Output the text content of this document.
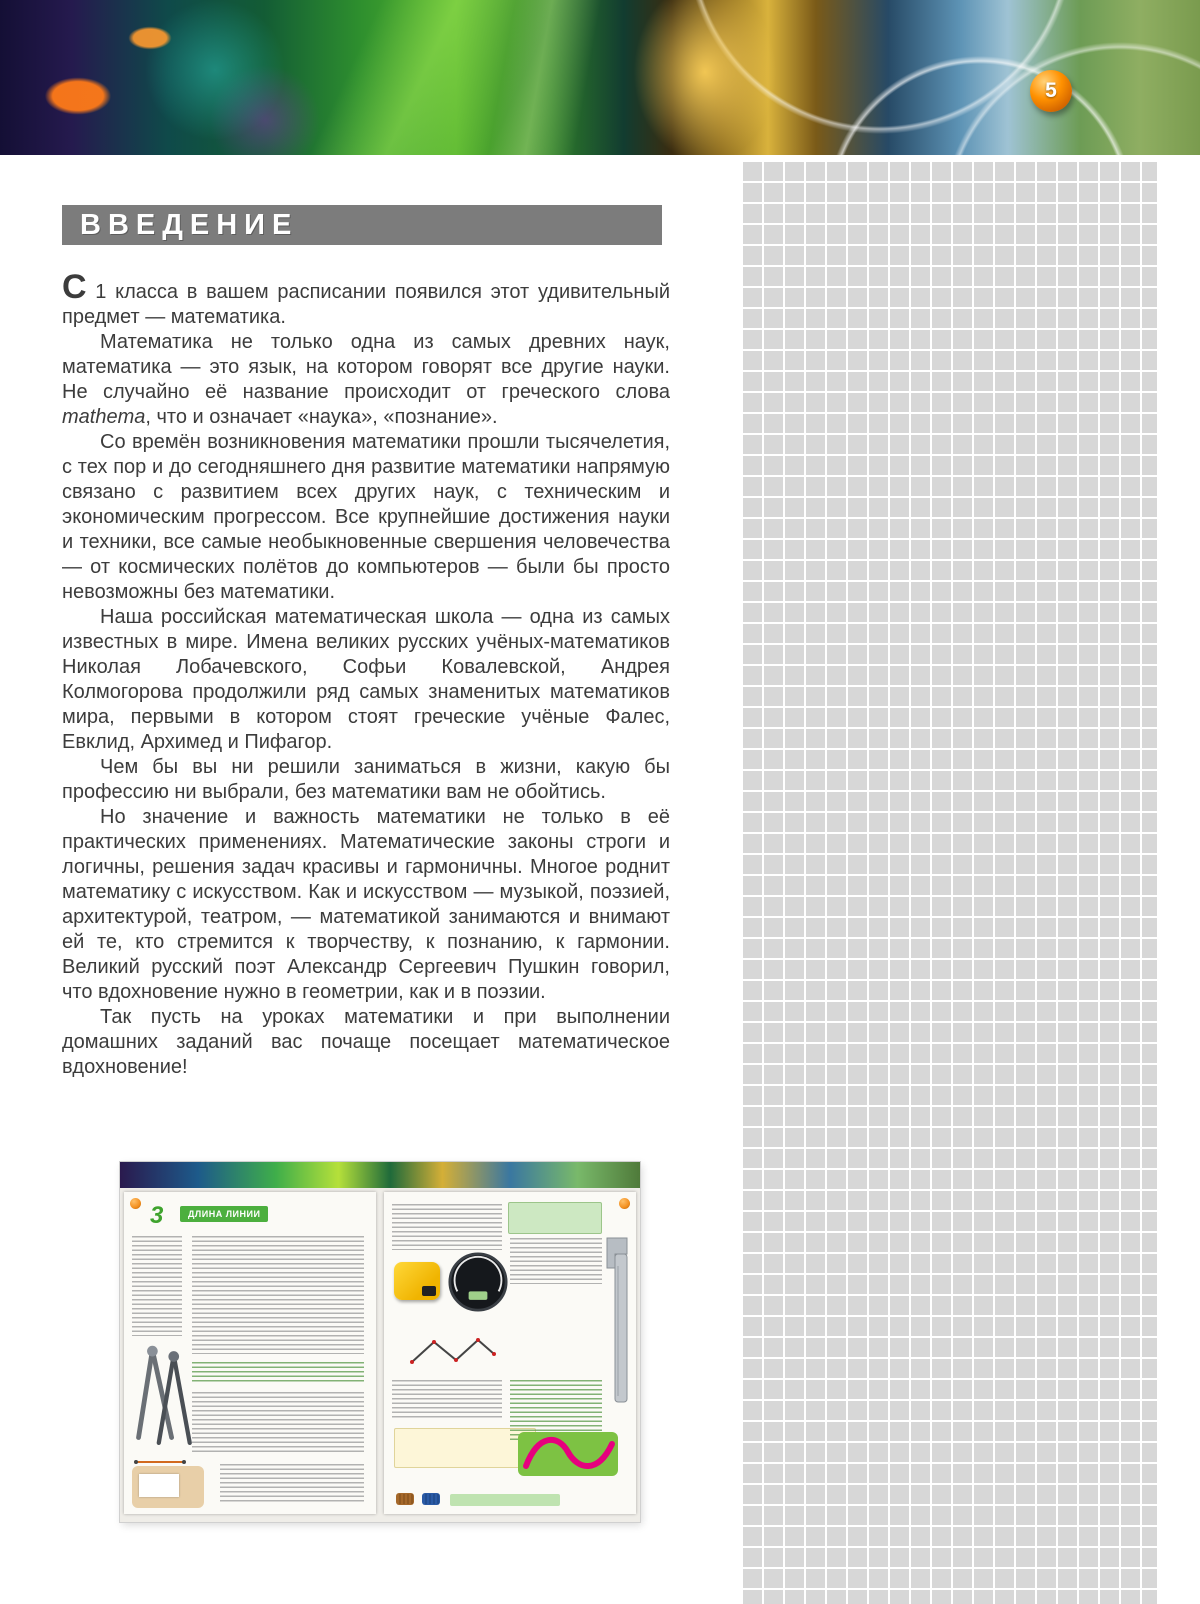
5
ВВЕДЕНИЕ

С 1 класса в вашем расписании появился этот удивительный предмет — математика.

Математика не только одна из самых древних наук, математика — это язык, на котором говорят все другие науки. Не случайно её название происходит от греческого слова mathema, что и означает «наука», «познание».

Со времён возникновения математики прошли тысячелетия, с тех пор и до сегодняшнего дня развитие математики напрямую связано с развитием всех других наук, с техническим и экономическим прогрессом. Все крупнейшие достижения науки и техники, все самые необыкновенные свершения человечества — от космических полётов до компьютеров — были бы просто невозможны без математики.

Наша российская математическая школа — одна из самых известных в мире. Имена великих русских учёных-математиков Николая Лобачевского, Софьи Ковалевской, Андрея Колмогорова продолжили ряд самых знаменитых математиков мира, первыми в котором стоят греческие учёные Фалес, Евклид, Архимед и Пифагор.

Чем бы вы ни решили заниматься в жизни, какую бы профессию ни выбрали, без математики вам не обойтись.

Но значение и важность математики не только в её практических применениях. Математические законы строги и логичны, решения задач красивы и гармоничны. Многое роднит математику с искусством. Как и искусством — музыкой, поэзией, архитектурой, театром, — математикой занимаются и внимают ей те, кто стремится к творчеству, к познанию, к гармонии. Великий русский поэт Александр Сергеевич Пушкин говорил, что вдохновение нужно в геометрии, как и в поэзии.

Так пусть на уроках математики и при выполнении домашних заданий вас почаще посещает математическое вдохновение!

3	ДЛИНА ЛИНИИ
